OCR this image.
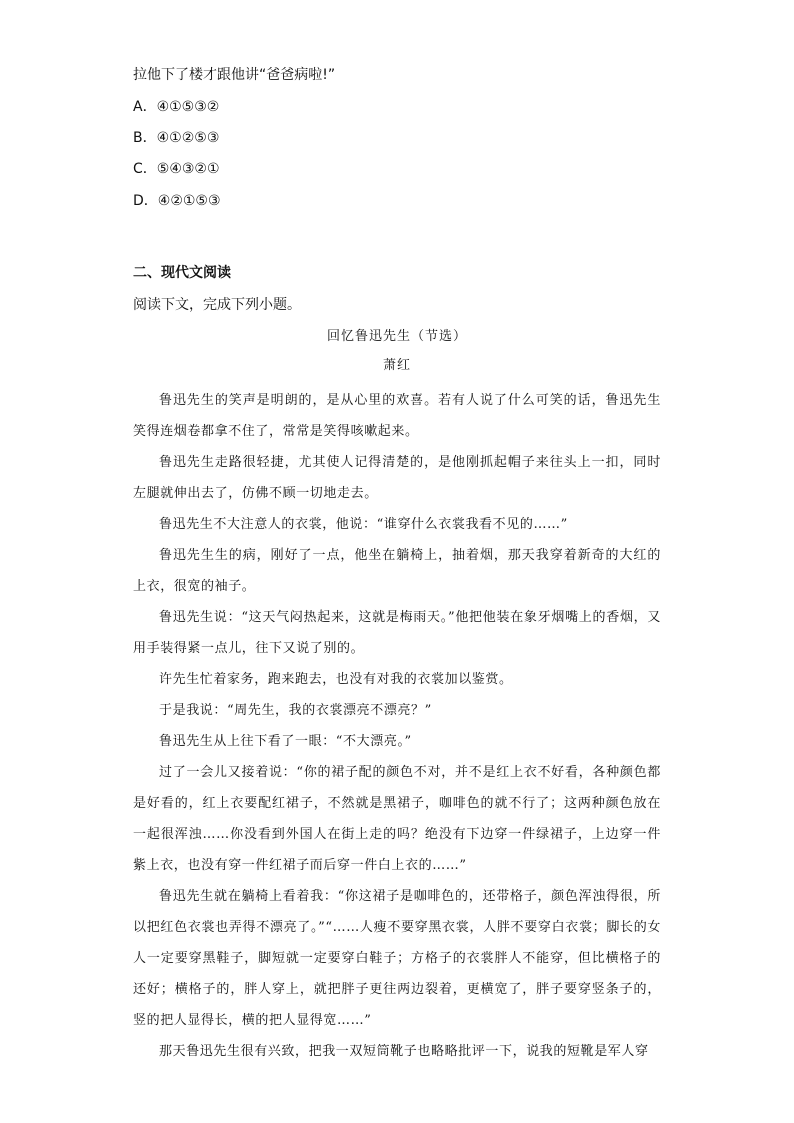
拉他下了楼才跟他讲“爸爸病啦!”
A．④①⑤③②
B．④①②⑤③
C．⑤④③②①
D．④②①⑤③
二、现代文阅读
阅读下文，完成下列小题。
回忆鲁迅先生（节选）
萧红

鲁迅先生的笑声是明朗的，是从心里的欢喜。若有人说了什么可笑的话，鲁迅先生笑得连烟卷都拿不住了，常常是笑得咳嗽起来。

鲁迅先生走路很轻捷，尤其使人记得清楚的，是他刚抓起帽子来往头上一扣，同时左腿就伸出去了，仿佛不顾一切地走去。

鲁迅先生不大注意人的衣裳，他说：“谁穿什么衣裳我看不见的……”

鲁迅先生生的病，刚好了一点，他坐在躺椅上，抽着烟，那天我穿着新奇的大红的上衣，很宽的袖子。

鲁迅先生说：“这天气闷热起来，这就是梅雨天。”他把他装在象牙烟嘴上的香烟，又用手装得紧一点儿，往下又说了别的。

许先生忙着家务，跑来跑去，也没有对我的衣裳加以鉴赏。

于是我说：“周先生，我的衣裳漂亮不漂亮？”

鲁迅先生从上往下看了一眼：“不大漂亮。”

过了一会儿又接着说：“你的裙子配的颜色不对，并不是红上衣不好看，各种颜色都是好看的，红上衣要配红裙子，不然就是黑裙子，咖啡色的就不行了；这两种颜色放在一起很浑浊……你没看到外国人在街上走的吗？绝没有下边穿一件绿裙子，上边穿一件紫上衣，也没有穿一件红裙子而后穿一件白上衣的……”

鲁迅先生就在躺椅上看着我：“你这裙子是咖啡色的，还带格子，颜色浑浊得很，所以把红色衣裳也弄得不漂亮了。”“……人瘦不要穿黑衣裳，人胖不要穿白衣裳；脚长的女人一定要穿黑鞋子，脚短就一定要穿白鞋子；方格子的衣裳胖人不能穿，但比横格子的还好；横格子的，胖人穿上，就把胖子更往两边裂着，更横宽了，胖子要穿竖条子的，竖的把人显得长，横的把人显得宽……”

那天鲁迅先生很有兴致，把我一双短筒靴子也略略批评一下，说我的短靴是军人穿
